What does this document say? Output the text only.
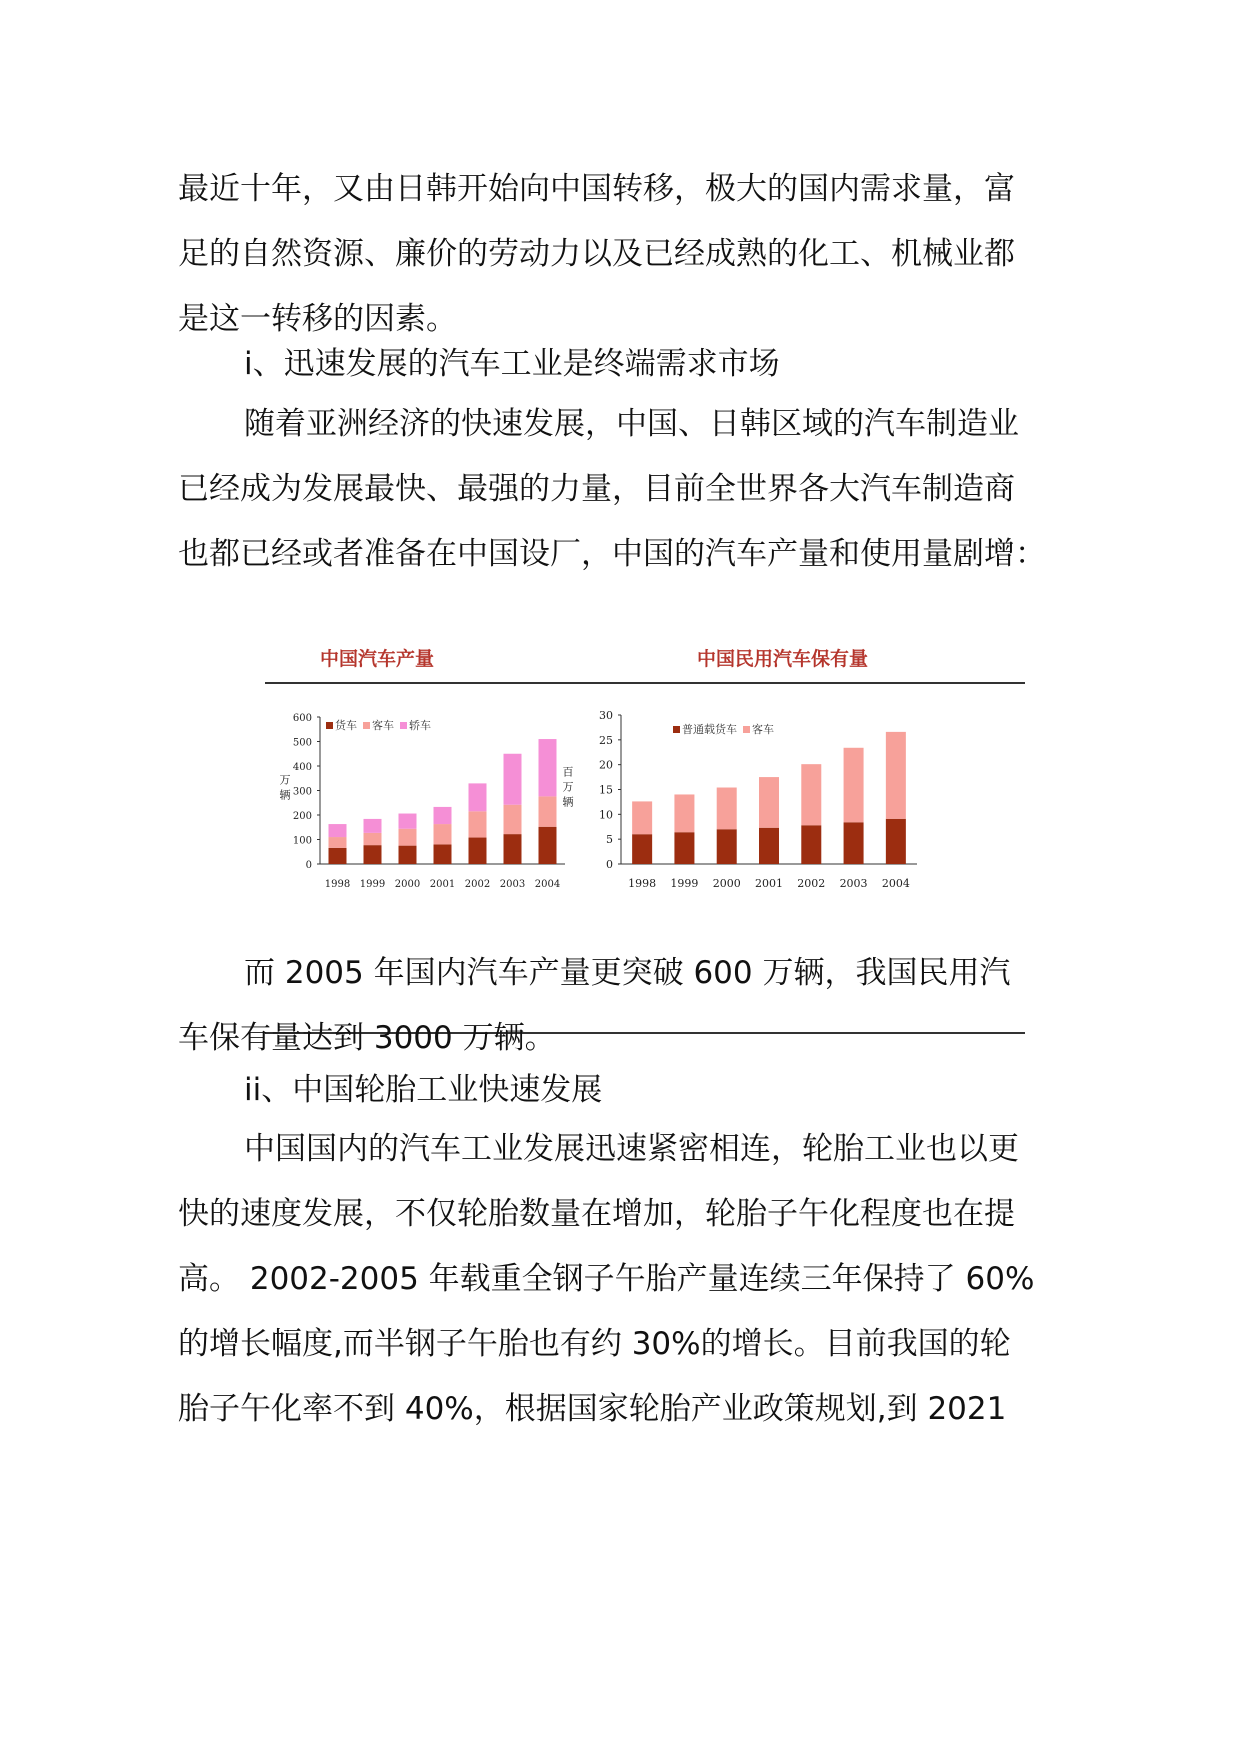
最近十年，又由日韩开始向中国转移，极大的国内需求量，富
足的自然资源、廉价的劳动力以及已经成熟的化工、机械业都
是这一转移的因素。

i、迅速发展的汽车工业是终端需求市场

随着亚洲经济的快速发展，中国、日韩区域的汽车制造业
已经成为发展最快、最强的力量，目前全世界各大汽车制造商
也都已经或者准备在中国设厂，中国的汽车产量和使用量剧增：

中国汽车产量	中国民用汽车保有量
0
100
200
300
400
500
600
万
辆
1998 1999 2000 2001 2002 2003 2004
货车 客车 轿车
0
5
10
15
20
25
30
百
万
辆
1998 1999 2000 2001 2002 2003 2004
普通载货车 客车

而 2005 年国内汽车产量更突破 600 万辆，我国民用汽
车保有量达到 3000 万辆。

ii、中国轮胎工业快速发展

中国国内的汽车工业发展迅速紧密相连，轮胎工业也以更
快的速度发展，不仅轮胎数量在增加，轮胎子午化程度也在提
高。 2002-2005 年载重全钢子午胎产量连续三年保持了 60%
的增长幅度,而半钢子午胎也有约 30%的增长。目前我国的轮
胎子午化率不到 40%，根据国家轮胎产业政策规划,到 2021
